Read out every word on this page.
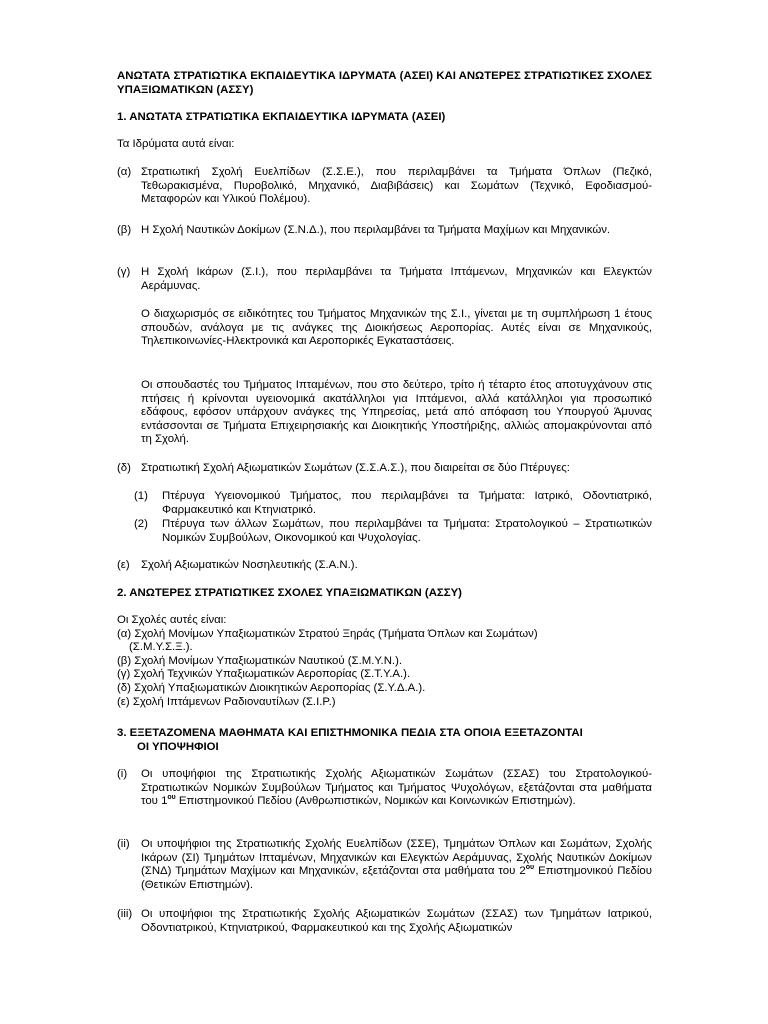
ΑΝΩΤΑΤΑ ΣΤΡΑΤΙΩΤΙΚΑ ΕΚΠΑΙΔΕΥΤΙΚΑ ΙΔΡΥΜΑΤΑ (ΑΣΕΙ) ΚΑΙ ΑΝΩΤΕΡΕΣ ΣΤΡΑΤΙΩΤΙΚΕΣ ΣΧΟΛΕΣ ΥΠΑΞΙΩΜΑΤΙΚΩΝ (ΑΣΣΥ)

1. ΑΝΩΤΑΤΑ ΣΤΡΑΤΙΩΤΙΚΑ ΕΚΠΑΙΔΕΥΤΙΚΑ ΙΔΡΥΜΑΤΑ (ΑΣΕΙ)

Τα Ιδρύματα αυτά είναι:

(α) Στρατιωτική Σχολή Ευελπίδων (Σ.Σ.Ε.), που περιλαμβάνει τα Τμήματα Όπλων (Πεζικό, Τεθωρακισμένα, Πυροβολικό, Μηχανικό, Διαβιβάσεις) και Σωμάτων (Τεχνικό, Εφοδιασμού-Μεταφορών και Υλικού Πολέμου).
(β) Η Σχολή Ναυτικών Δοκίμων (Σ.Ν.Δ.), που περιλαμβάνει τα Τμήματα Μαχίμων και Μηχανικών.
(γ) Η Σχολή Ικάρων (Σ.Ι.), που περιλαμβάνει τα Τμήματα Ιπτάμενων, Μηχανικών και Ελεγκτών Αεράμυνας.

Ο διαχωρισμός σε ειδικότητες του Τμήματος Μηχανικών της Σ.Ι., γίνεται με τη συμπλήρωση 1 έτους σπουδών, ανάλογα με τις ανάγκες της Διοικήσεως Αεροπορίας. Αυτές είναι σε Μηχανικούς, Τηλεπικοινωνίες-Ηλεκτρονικά και Αεροπορικές Εγκαταστάσεις.

Οι σπουδαστές του Τμήματος Ιπταμένων, που στο δεύτερο, τρίτο ή τέταρτο έτος αποτυγχάνουν στις πτήσεις ή κρίνονται υγειονομικά ακατάλληλοι για Ιπτάμενοι, αλλά κατάλληλοι για προσωπικό εδάφους, εφόσον υπάρχουν ανάγκες της Υπηρεσίας, μετά από απόφαση του Υπουργού Άμυνας εντάσσονται σε Τμήματα Επιχειρησιακής και Διοικητικής Υποστήριξης, αλλιώς απομακρύνονται από τη Σχολή.

(δ) Στρατιωτική Σχολή Αξιωματικών Σωμάτων (Σ.Σ.Α.Σ.), που διαιρείται σε δύο Πτέρυγες:
(1)	Πτέρυγα Υγειονομικού Τμήματος, που περιλαμβάνει τα Τμήματα: Ιατρικό, Οδοντιατρικό, Φαρμακευτικό και Κτηνιατρικό.
(2)	Πτέρυγα των άλλων Σωμάτων, που περιλαμβάνει τα Τμήματα: Στρατολογικού – Στρατιωτικών Νομικών Συμβούλων, Οικονομικού και Ψυχολογίας.
(ε) Σχολή Αξιωματικών Νοσηλευτικής (Σ.Α.Ν.).

2. ΑΝΩΤΕΡΕΣ ΣΤΡΑΤΙΩΤΙΚΕΣ ΣΧΟΛΕΣ ΥΠΑΞΙΩΜΑΤΙΚΩΝ (ΑΣΣΥ)

Οι Σχολές αυτές είναι:
(α) Σχολή Μονίμων Υπαξιωματικών Στρατού Ξηράς (Τμήματα Όπλων και Σωμάτων)
(Σ.Μ.Υ.Σ.Ξ.).
(β) Σχολή Μονίμων Υπαξιωματικών Ναυτικού (Σ.Μ.Υ.Ν.).
(γ) Σχολή Τεχνικών Υπαξιωματικών Αεροπορίας (Σ.Τ.Υ.Α.).
(δ) Σχολή Υπαξιωματικών Διοικητικών Αεροπορίας (Σ.Υ.Δ.Α.).
(ε) Σχολή Ιπτάμενων Ραδιοναυτίλων (Σ.Ι.Ρ.)
3. ΕΞΕΤΑΖΟΜΕΝΑ ΜΑΘΗΜΑΤΑ ΚΑΙ ΕΠΙΣΤΗΜΟΝΙΚΑ ΠΕΔΙΑ ΣΤΑ ΟΠΟΙΑ ΕΞΕΤΑΖΟΝΤΑΙ
ΟΙ ΥΠΟΨΗΦΙΟΙ
(i)	Οι υποψήφιοι της Στρατιωτικής Σχολής Αξιωματικών Σωμάτων (ΣΣΑΣ) του Στρατολογικού-Στρατιωτικών Νομικών Συμβούλων Τμήματος και Τμήματος Ψυχολόγων, εξετάζονται στα μαθήματα του $1^{o\upsilon}$ Επιστημονικού Πεδίου (Ανθρωπιστικών, Νομικών και Κοινωνικών Επιστημών).
(ii) Οι υποψήφιοι της Στρατιωτικής Σχολής Ευελπίδων (ΣΣΕ), Τμημάτων Όπλων και Σωμάτων, Σχολής Ικάρων (ΣΙ) Τμημάτων Ιπταμένων, Μηχανικών και Ελεγκτών Αεράμυνας, Σχολής Ναυτικών Δοκίμων (ΣΝΔ) Τμημάτων Μαχίμων και Μηχανικών, εξετάζονται στα μαθήματα του $2^{o\upsilon}$ Επιστημονικού Πεδίου (Θετικών Επιστημών).
(iii) Οι υποψήφιοι της Στρατιωτικής Σχολής Αξιωματικών Σωμάτων (ΣΣΑΣ) των Τμημάτων Ιατρικού, Οδοντιατρικού, Κτηνιατρικού, Φαρμακευτικού και της Σχολής Αξιωματικών
